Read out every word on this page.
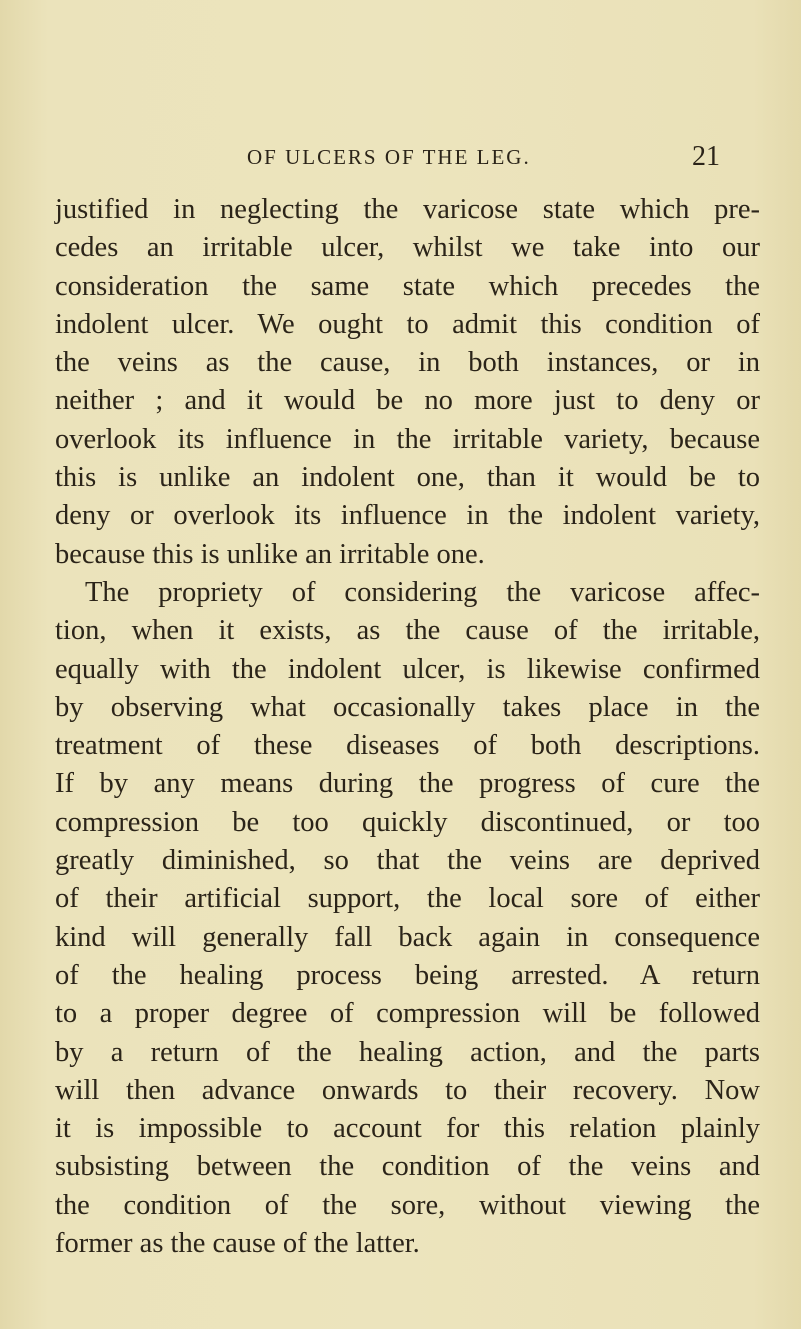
OF ULCERS OF THE LEG.	21
justified in neglecting the varicose state which pre-
cedes an irritable ulcer, whilst we take into our
consideration the same state which precedes the
indolent ulcer. We ought to admit this condition of
the veins as the cause, in both instances, or in
neither ; and it would be no more just to deny or
overlook its influence in the irritable variety, because
this is unlike an indolent one, than it would be to
deny or overlook its influence in the indolent variety,
because this is unlike an irritable one.
The propriety of considering the varicose affec-
tion, when it exists, as the cause of the irritable,
equally with the indolent ulcer, is likewise confirmed
by observing what occasionally takes place in the
treatment of these diseases of both descriptions.
If by any means during the progress of cure the
compression be too quickly discontinued, or too
greatly diminished, so that the veins are deprived
of their artificial support, the local sore of either
kind will generally fall back again in consequence
of the healing process being arrested. A return
to a proper degree of compression will be followed
by a return of the healing action, and the parts
will then advance onwards to their recovery. Now
it is impossible to account for this relation plainly
subsisting between the condition of the veins and
the condition of the sore, without viewing the
former as the cause of the latter.
